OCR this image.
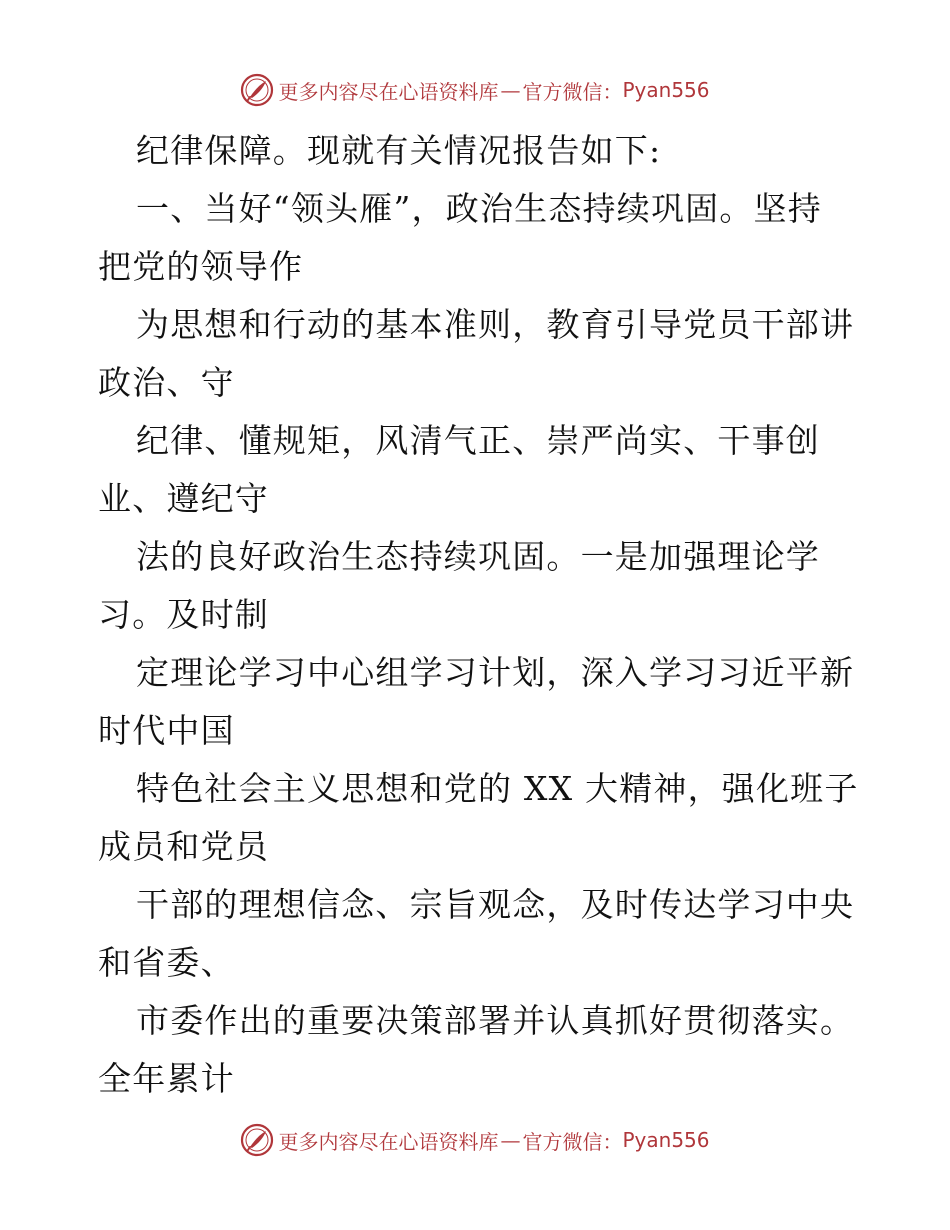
更多内容尽在心语资料库 — 官方微信： Pyan556
纪律保障。现就有关情况报告如下:
一、当好“领头雁”，政治生态持续巩固。坚持
把党的领导作
为思想和行动的基本准则，教育引导党员干部讲
政治、守
纪律、懂规矩，风清气正、崇严尚实、干事创
业、遵纪守
法的良好政治生态持续巩固。一是加强理论学
习。及时制
定理论学习中心组学习计划，深入学习习近平新
时代中国
特色社会主义思想和党的 XX 大精神，强化班子
成员和党员
干部的理想信念、宗旨观念，及时传达学习中央
和省委、
市委作出的重要决策部署并认真抓好贯彻落实。
全年累计
更多内容尽在心语资料库 — 官方微信： Pyan556
